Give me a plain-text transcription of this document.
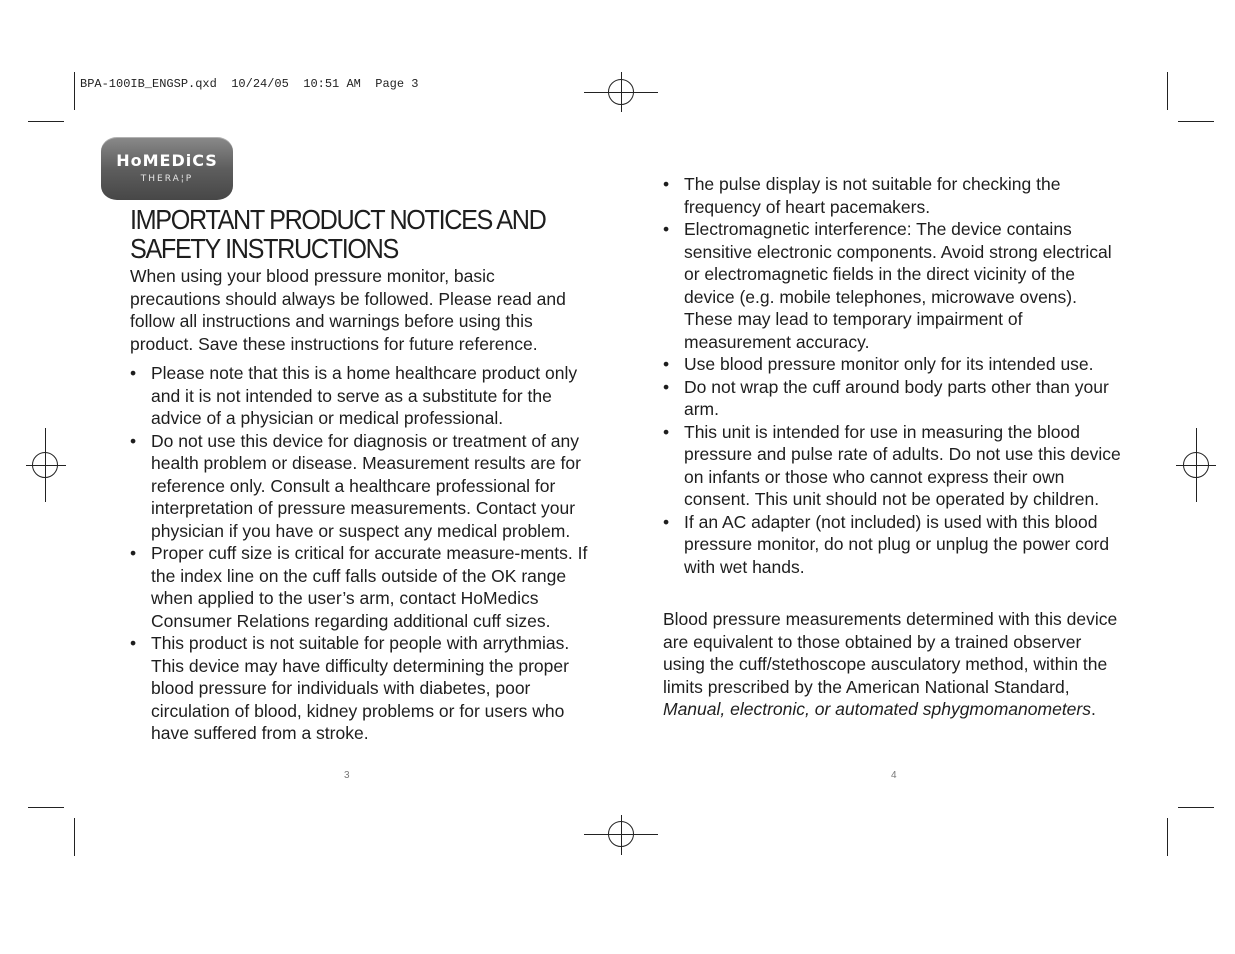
BPA-100IB_ENGSP.qxd  10/24/05  10:51 AM  Page 3
HoMEDiCS
THERA¦P
IMPORTANT PRODUCT NOTICES AND SAFETY INSTRUCTIONS

When using your blood pressure monitor, basic precautions should always be followed. Please read and follow all instructions and warnings before using this product. Save these instructions for future reference.

• Please note that this is a home healthcare product only and it is not intended to serve as a substitute for the advice of a physician or medical professional.
• Do not use this device for diagnosis or treatment of any health problem or disease. Measurement results are for reference only. Consult a healthcare professional for interpretation of pressure measurements. Contact your physician if you have or suspect any medical problem.
• Proper cuff size is critical for accurate measure-ments. If the index line on the cuff falls outside of the OK range when applied to the user’s arm, contact HoMedics Consumer Relations regarding additional cuff sizes.
• This product is not suitable for people with arrythmias. This device may have difficulty determining the proper blood pressure for individuals with diabetes, poor circulation of blood, kidney problems or for users who have suffered from a stroke.
• The pulse display is not suitable for checking the frequency of heart pacemakers.
• Electromagnetic interference: The device contains sensitive electronic components. Avoid strong electrical or electromagnetic fields in the direct vicinity of the device (e.g. mobile telephones, microwave ovens). These may lead to temporary impairment of measurement accuracy.
• Use blood pressure monitor only for its intended use.
• Do not wrap the cuff around body parts other than your arm.
• This unit is intended for use in measuring the blood pressure and pulse rate of adults. Do not use this device on infants or those who cannot express their own consent. This unit should not be operated by children.
• If an AC adapter (not included) is used with this blood pressure monitor, do not plug or unplug the power cord with wet hands.

Blood pressure measurements determined with this device are equivalent to those obtained by a trained observer using the cuff/stethoscope ausculatory method, within the limits prescribed by the American National Standard, Manual, electronic, or automated sphygmomanometers.

3	4
